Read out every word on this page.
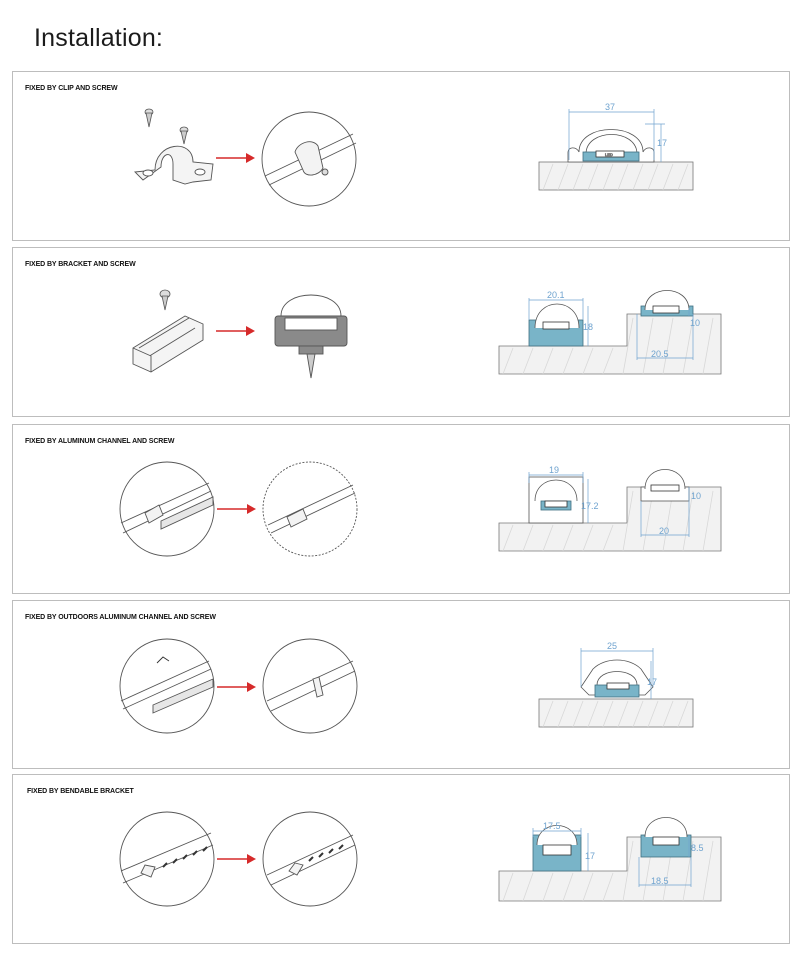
Installation:
FIXED BY CLIP AND SCREW
LED
37
17
FIXED BY BRACKET AND SCREW
20.1
18
20.5
10
FIXED BY ALUMINUM CHANNEL AND SCREW
19
17.2
20
10
FIXED BY OUTDOORS ALUMINUM CHANNEL AND SCREW
25
17
FIXED BY BENDABLE BRACKET
17.5
17
18.5
8.5
